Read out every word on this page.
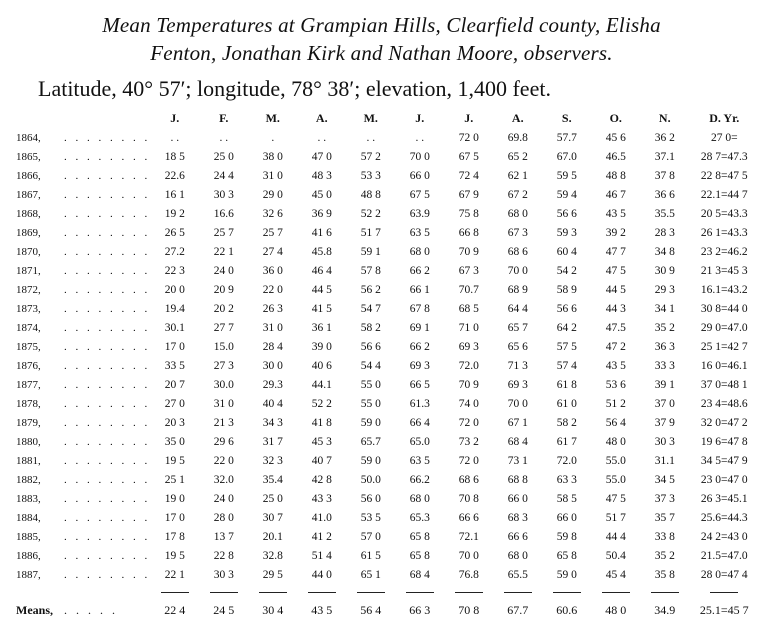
Mean Temperatures at Grampian Hills, Clearfield county, Elisha
Fenton, Jonathan Kirk and Nathan Moore, observers.
Latitude, 40° 57′; longitude, 78° 38′; elevation, 1,400 feet.
		J.	F.	M.	A.	M.	J.	J.	A.	S.	O.	N.	D. Yr.
1864,	. . . . . . . .	. .	. .	.	. .	. .	. .	72 0	69.8	57.7	45 6	36 2	27 0=
1865,	. . . . . . . .	18 5	25 0	38 0	47 0	57 2	70 0	67 5	65 2	67.0	46.5	37.1	28 7=47.3
1866,	. . . . . . . .	22.6	24 4	31 0	48 3	53 3	66 0	72 4	62 1	59 5	48 8	37 8	22 8=47 5
1867,	. . . . . . . .	16 1	30 3	29 0	45 0	48 8	67 5	67 9	67 2	59 4	46 7	36 6	22.1=44 7
1868,	. . . . . . . .	19 2	16.6	32 6	36 9	52 2	63.9	75 8	68 0	56 6	43 5	35.5	20 5=43.3
1869,	. . . . . . . .	26 5	25 7	25 7	41 6	51 7	63 5	66 8	67 3	59 3	39 2	28 3	26 1=43.3
1870,	. . . . . . . .	27.2	22 1	27 4	45.8	59 1	68 0	70 9	68 6	60 4	47 7	34 8	23 2=46.2
1871,	. . . . . . . .	22 3	24 0	36 0	46 4	57 8	66 2	67 3	70 0	54 2	47 5	30 9	21 3=45 3
1872,	. . . . . . . .	20 0	20 9	22 0	44 5	56 2	66 1	70.7	68 9	58 9	44 5	29 3	16.1=43.2
1873,	. . . . . . . .	19.4	20 2	26 3	41 5	54 7	67 8	68 5	64 4	56 6	44 3	34 1	30 8=44 0
1874,	. . . . . . . .	30.1	27 7	31 0	36 1	58 2	69 1	71 0	65 7	64 2	47.5	35 2	29 0=47.0
1875,	. . . . . . . .	17 0	15.0	28 4	39 0	56 6	66 2	69 3	65 6	57 5	47 2	36 3	25 1=42 7
1876,	. . . . . . . .	33 5	27 3	30 0	40 6	54 4	69 3	72.0	71 3	57 4	43 5	33 3	16 0=46.1
1877,	. . . . . . . .	20 7	30.0	29.3	44.1	55 0	66 5	70 9	69 3	61 8	53 6	39 1	37 0=48 1
1878,	. . . . . . . .	27 0	31 0	40 4	52 2	55 0	61.3	74 0	70 0	61 0	51 2	37 0	23 4=48.6
1879,	. . . . . . . .	20 3	21 3	34 3	41 8	59 0	66 4	72 0	67 1	58 2	56 4	37 9	32 0=47 2
1880,	. . . . . . . .	35 0	29 6	31 7	45 3	65.7	65.0	73 2	68 4	61 7	48 0	30 3	19 6=47 8
1881,	. . . . . . . .	19 5	22 0	32 3	40 7	59 0	63 5	72 0	73 1	72.0	55.0	31.1	34 5=47 9
1882,	. . . . . . . .	25 1	32.0	35.4	42 8	50.0	66.2	68 6	68 8	63 3	55.0	34 5	23 0=47 0
1883,	. . . . . . . .	19 0	24 0	25 0	43 3	56 0	68 0	70 8	66 0	58 5	47 5	37 3	26 3=45.1
1884,	. . . . . . . .	17 0	28 0	30 7	41.0	53 5	65.3	66 6	68 3	66 0	51 7	35 7	25.6=44.3
1885,	. . . . . . . .	17 8	13 7	20.1	41 2	57 0	65 8	72.1	66 6	59 8	44 4	33 8	24 2=43 0
1886,	. . . . . . . .	19 5	22 8	32.8	51 4	61 5	65 8	70 0	68 0	65 8	50.4	35 2	21.5=47.0
1887,	. . . . . . . .	22 1	30 3	29 5	44 0	65 1	68 4	76.8	65.5	59 0	45 4	35 8	28 0=47 4

Means,	. . . . .	22 4	24 5	30 4	43 5	56 4	66 3	70 8	67.7	60.6	48 0	34.9	25.1=45 7
